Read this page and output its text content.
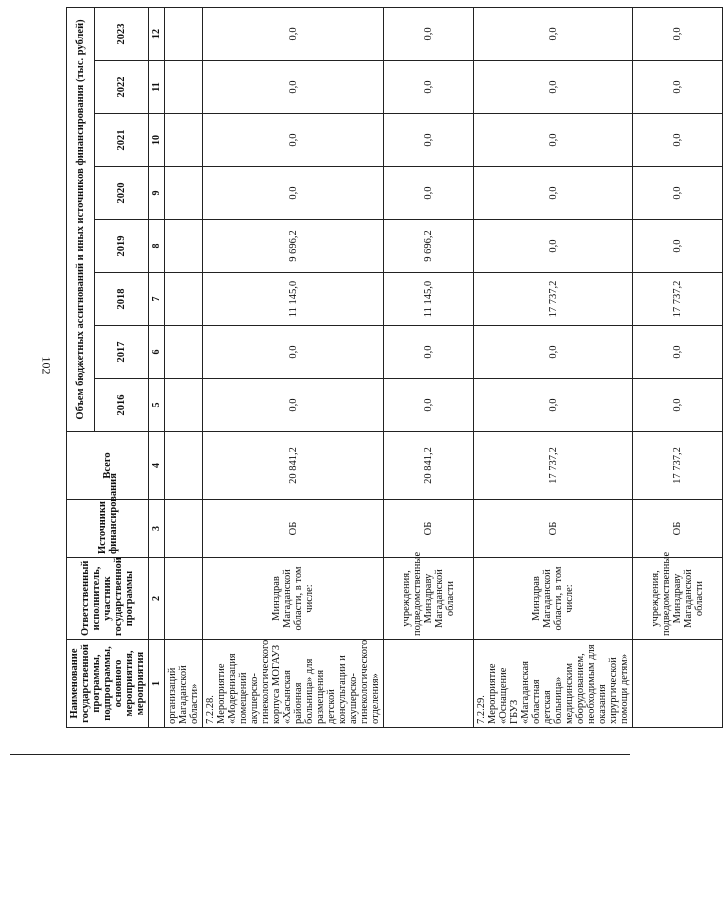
102
Наименование государственной программы, подпрограммы, основного мероприятия, мероприятия	Ответственный исполнитель, участник государственной программы	Источники финансирования	Всего	Объем бюджетных ассигнований и иных источников финансирования (тыс. рублей)							
				2016	2017	2018	2019	2020	2021	2022	2023
1	2	3	4	5	6	7	8	9	10	11	12
организаций Магаданской области»											
7.2.28. Мероприятие «Модернизация помещений акушерско-гинекологического корпуса МОГАУЗ «Хасынская районная больница» для размещения детской консультации и акушерско-гинекологического отделения»	Минздрав Магаданской области, в том числе:	ОБ	20 841,2	0,0	0,0	11 145,0	9 696,2	0,0	0,0	0,0	0,0
	учреждения, подведомственные Минздраву Магаданской области	ОБ	20 841,2	0,0	0,0	11 145,0	9 696,2	0,0	0,0	0,0	0,0
7.2.29. Мероприятие «Оснащение ГБУЗ «Магаданская областная детская больница» медицинским оборудованием, необходимым для оказания хирургической помощи детям»	Минздрав Магаданской области, в том числе:	ОБ	17 737,2	0,0	0,0	17 737,2	0,0	0,0	0,0	0,0	0,0
	учреждения, подведомственные Минздраву Магаданской области	ОБ	17 737,2	0,0	0,0	17 737,2	0,0	0,0	0,0	0,0	0,0
